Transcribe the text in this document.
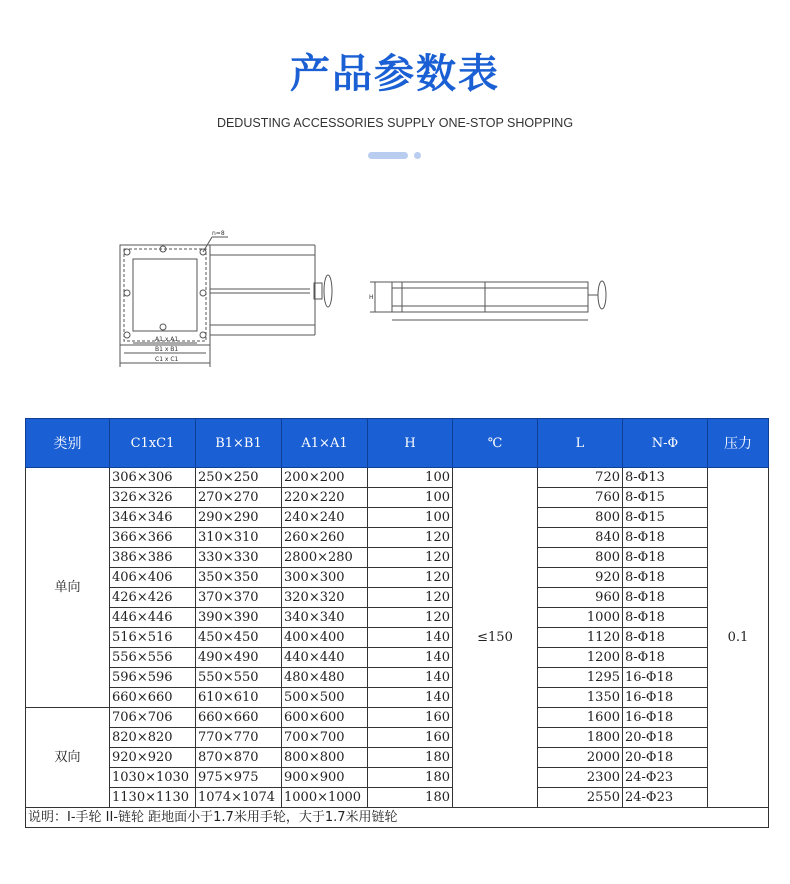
产品参数表
DEDUSTING ACCESSORIES SUPPLY ONE-STOP SHOPPING
n=8
A1 x A1
B1 x B1
C1 x C1
H
类别	C1xC1	B1×B1	A1×A1	H	℃	L	N-Φ	压力
单向	306×306	250×250	200×200	100	≤150	720	8-Φ13	0.1
	326×326	270×270	220×220	100		760	8-Φ15	
	346×346	290×290	240×240	100		800	8-Φ15	
	366×366	310×310	260×260	120		840	8-Φ18	
	386×386	330×330	2800×280	120		800	8-Φ18	
	406×406	350×350	300×300	120		920	8-Φ18	
	426×426	370×370	320×320	120		960	8-Φ18	
	446×446	390×390	340×340	120		1000	8-Φ18	
	516×516	450×450	400×400	140		1120	8-Φ18	
	556×556	490×490	440×440	140		1200	8-Φ18	
	596×596	550×550	480×480	140		1295	16-Φ18	
	660×660	610×610	500×500	140		1350	16-Φ18	
双向	706×706	660×660	600×600	160		1600	16-Φ18	
	820×820	770×770	700×700	160		1800	20-Φ18	
	920×920	870×870	800×800	180		2000	20-Φ18	
	1030×1030	975×975	900×900	180		2300	24-Φ23	
	1130×1130	1074×1074	1000×1000	180		2550	24-Φ23	
说明：I-手轮 II-链轮 距地面小于1.7米用手轮，大于1.7米用链轮								
